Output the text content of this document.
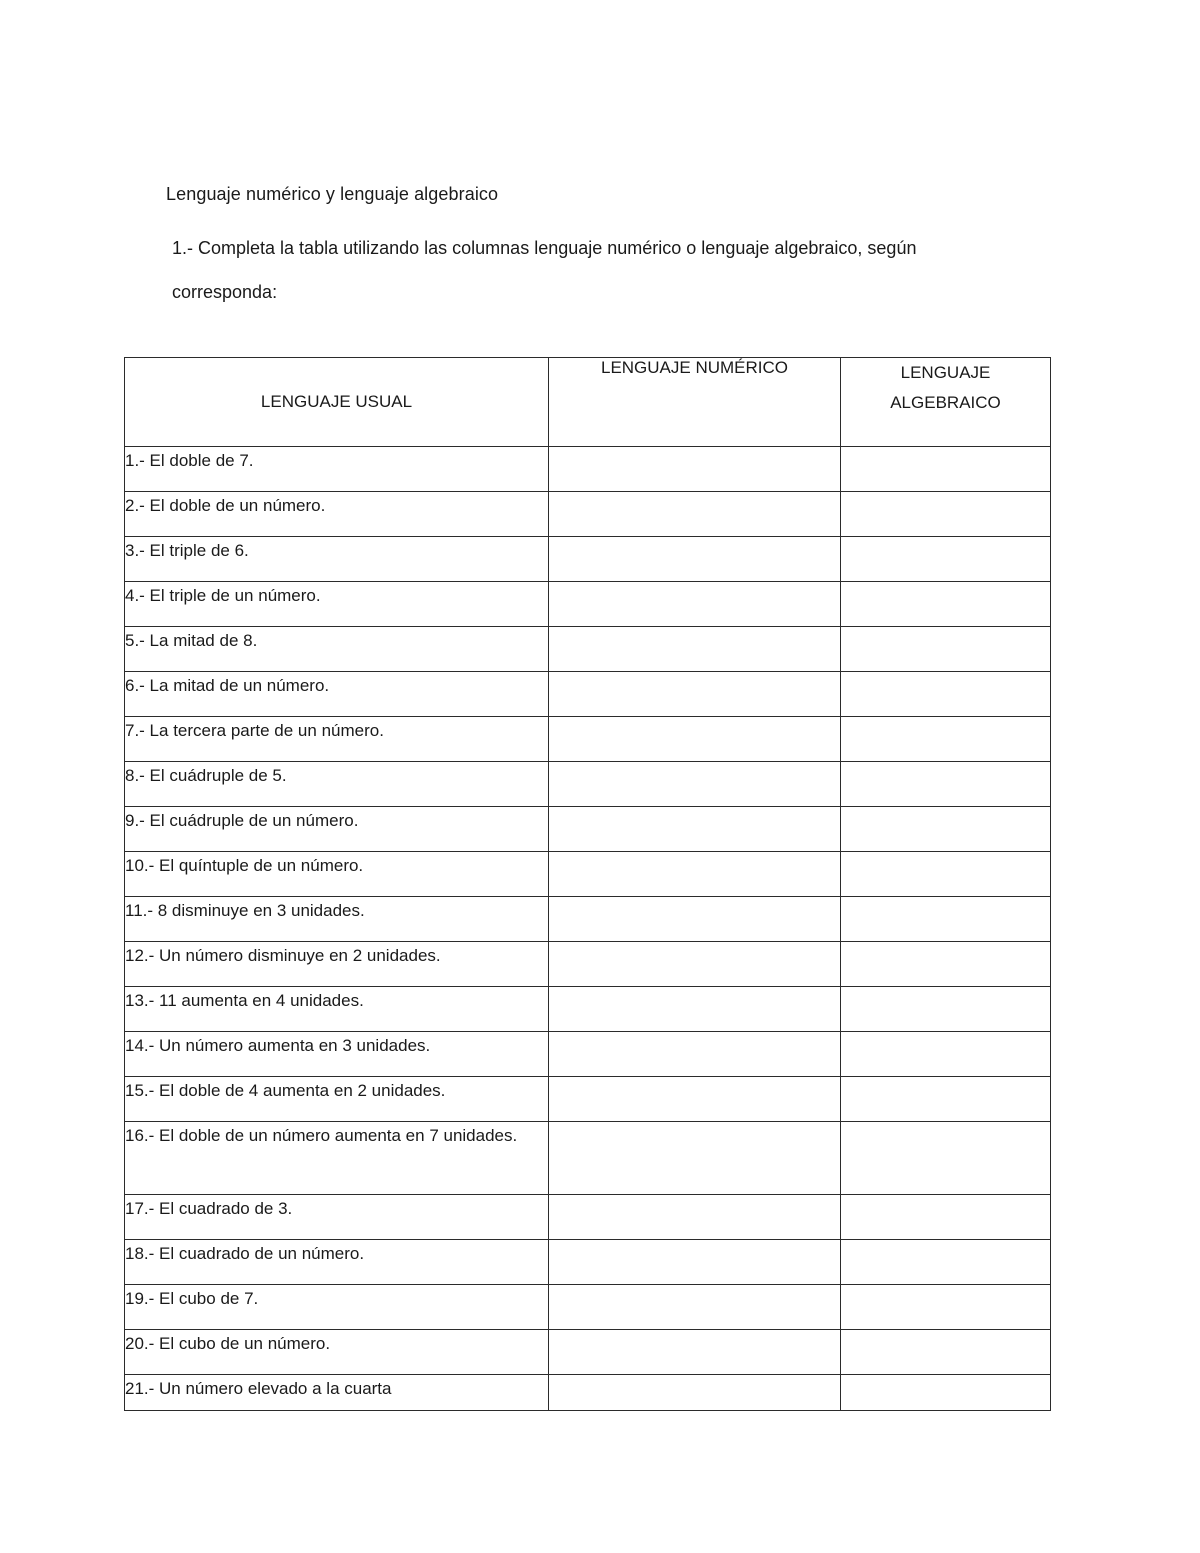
Lenguaje numérico y lenguaje algebraico
1.- Completa la tabla utilizando las columnas lenguaje numérico o lenguaje algebraico, según corresponda:
LENGUAJE USUAL	LENGUAJE NUMÉRICO	LENGUAJE ALGEBRAICO

1.- El doble de 7.		
2.- El doble de un número.		
3.- El triple de 6.		
4.- El triple de un número.		
5.- La mitad de 8.		
6.- La mitad de un número.		
7.- La tercera parte de un número.		
8.- El cuádruple de 5.		
9.- El cuádruple de un número.		
10.- El quíntuple de un número.		
11.- 8 disminuye en 3 unidades.		
12.- Un número disminuye en 2 unidades.		
13.- 11 aumenta en 4 unidades.		
14.- Un número aumenta en 3 unidades.		
15.- El doble de 4 aumenta en 2 unidades.		
16.- El doble de un número aumenta en 7 unidades.		
17.- El cuadrado de 3.		
18.- El cuadrado de un número.		
19.- El cubo de 7.		
20.- El cubo de un número.		
21.- Un número elevado a la cuarta		
